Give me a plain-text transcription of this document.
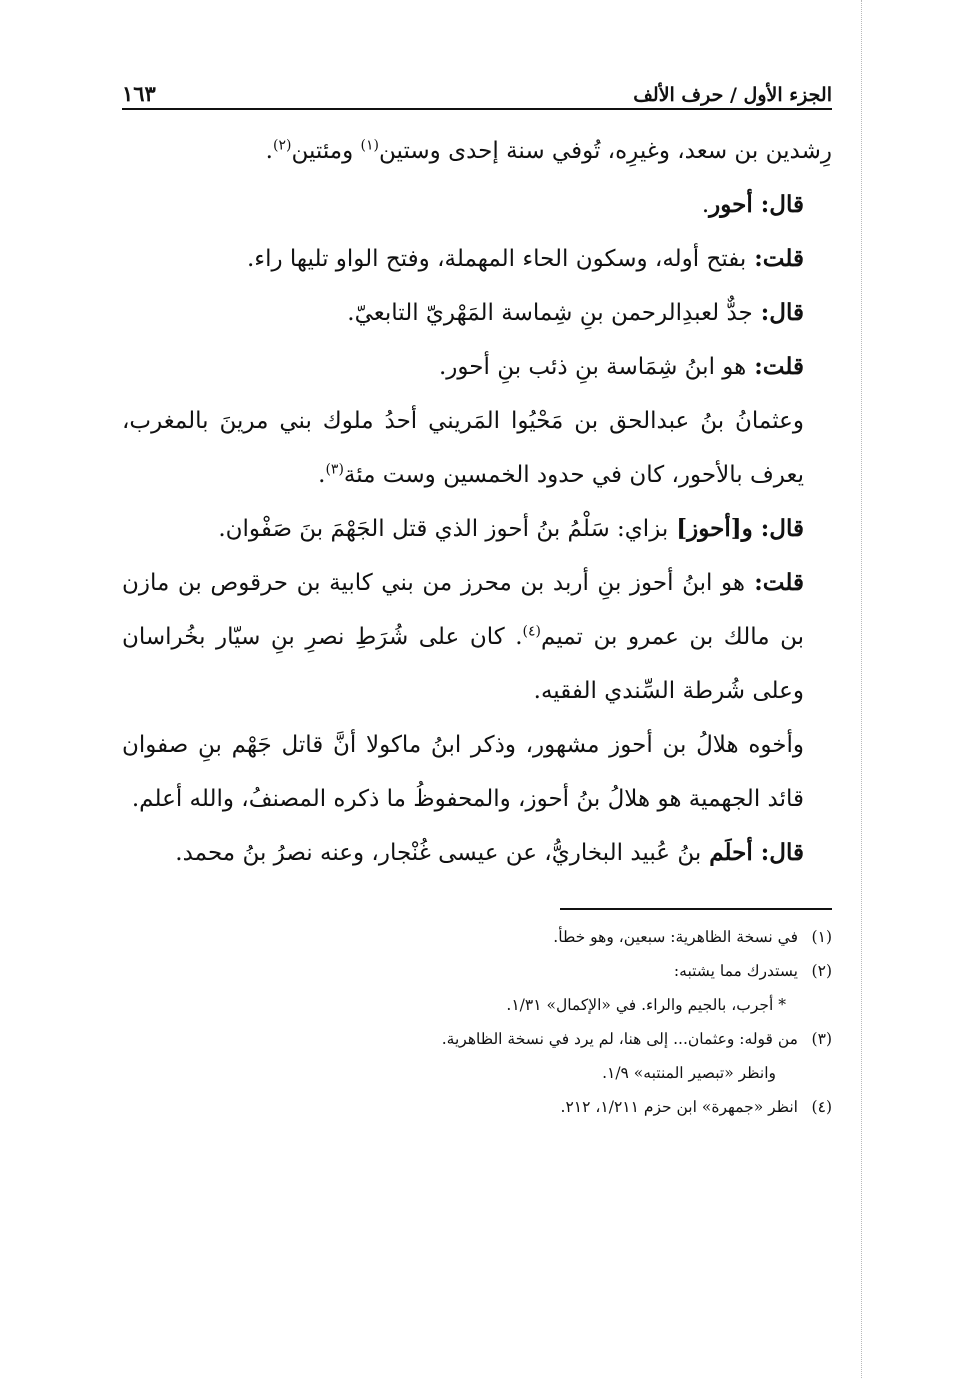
الجزء الأول / حرف الألف
١٦٣

رِشدين بن سعد، وغيرِه، تُوفي سنة إحدى وستين$^{(١)}$ ومئتين$^{(٢)}$.

قال: أحور.

قلت: بفتح أوله، وسكون الحاء المهملة، وفتح الواو تليها راء.

قال: جدٌّ لعبدِالرحمن بنِ شِماسة المَهْريّ التابعيّ.

قلت: هو ابنُ شِمَاسة بنِ ذئب بنِ أحور.

وعثمانُ بنُ عبدالحق بن مَحْيُوا المَريني أحدُ ملوك بني مرينَ بالمغرب، يعرف بالأحور، كان في حدود الخمسين وست مئة$^{(٣)}$.

قال: و[أحوز] بزاي: سَلْمُ بنُ أحوز الذي قتل الجَهْمَ بنَ صَفْوان.

قلت: هو ابنُ أحوز بنِ أربد بن محرز من بني كابية بن حرقوص بن مازن بن مالك بن عمرو بن تميم$^{(٤)}$. كان على شُرَطِ نصرِ بنِ سيّار بخُراسان وعلى شُرطة السِّندي الفقيه.

وأخوه هلالُ بن أحوز مشهور، وذكر ابنُ ماكولا أنَّ قاتل جَهْم بنِ صفوان قائد الجهمية هو هلالُ بنُ أحوز، والمحفوظُ ما ذكره المصنفُ، والله أعلم.

قال: أحلَم بنُ عُبيد البخاريُّ، عن عيسى غُنْجار، وعنه نصرُ بنُ محمد.

(١)في نسخة الظاهرية: سبعين، وهو خطأ.

(٢)يستدرك مما يشتبه:

* أجرب، بالجيم والراء. في «الإكمال» ١/٣١.

(٣)من قوله: وعثمان... إلى هنا، لم يرد في نسخة الظاهرية.

وانظر «تبصير المنتبه» ١/٩.

(٤)انظر «جمهرة» ابن حزم ١/٢١١، ٢١٢.
